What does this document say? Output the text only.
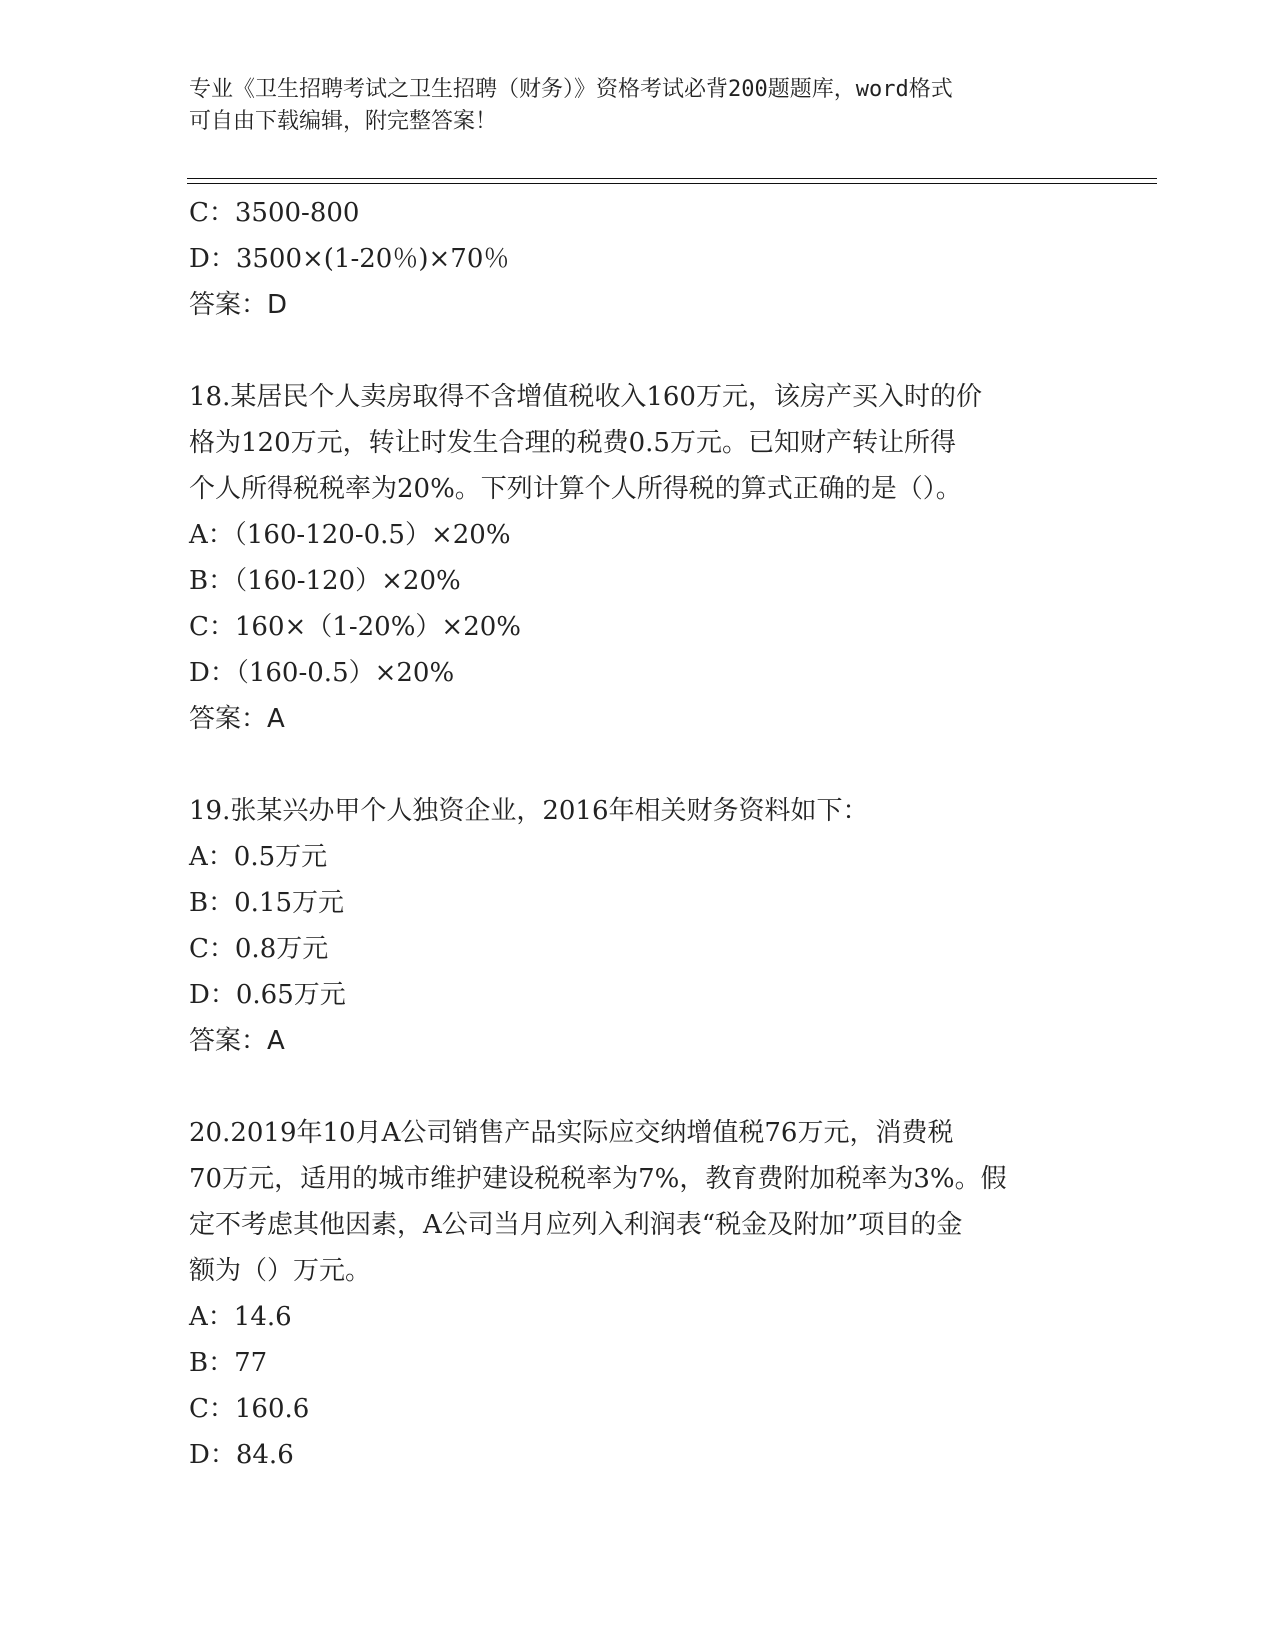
专业《卫生招聘考试之卫生招聘（财务）》资格考试必背200题题库，word格式
可自由下载编辑，附完整答案！
C：3500-800
D：3500×(1-20％)×70％
答案：D
18.某居民个人卖房取得不含增值税收入160万元，该房产买入时的价
格为120万元，转让时发生合理的税费0.5万元。已知财产转让所得
个人所得税税率为20%。下列计算个人所得税的算式正确的是（）。
A：（160-120-0.5）×20%
B：（160-120）×20%
C：160×（1-20%）×20%
D：（160-0.5）×20%
答案：A
19.张某兴办甲个人独资企业，2016年相关财务资料如下：
A：0.5万元
B：0.15万元
C：0.8万元
D：0.65万元
答案：A
20.2019年10月A公司销售产品实际应交纳增值税76万元，消费税
70万元，适用的城市维护建设税税率为7%，教育费附加税率为3%。假
定不考虑其他因素，A公司当月应列入利润表“税金及附加”项目的金
额为（）万元。
A：14.6
B：77
C：160.6
D：84.6
